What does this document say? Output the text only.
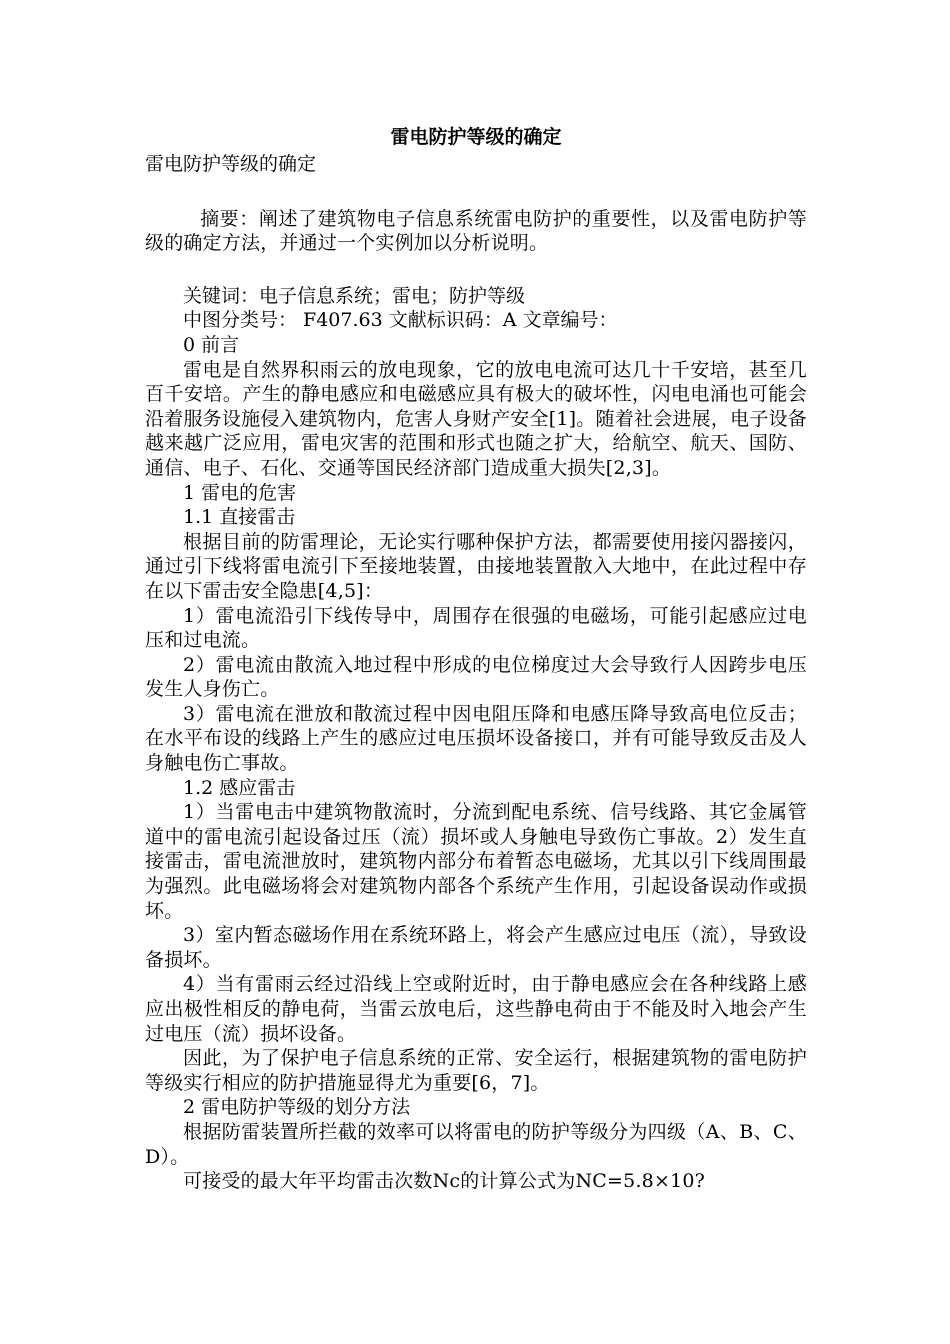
雷电防护等级的确定

雷电防护等级的确定

摘要：阐述了建筑物电子信息系统雷电防护的重要性，以及雷电防护等级的确定方法，并通过一个实例加以分析说明。

关键词：电子信息系统；雷电；防护等级

中图分类号： F407.63 文献标识码：A 文章编号：

0 前言

雷电是自然界积雨云的放电现象，它的放电电流可达几十千安培，甚至几百千安培。产生的静电感应和电磁感应具有极大的破坏性，闪电电涌也可能会沿着服务设施侵入建筑物内，危害人身财产安全[1]。随着社会进展，电子设备越来越广泛应用，雷电灾害的范围和形式也随之扩大，给航空、航天、国防、通信、电子、石化、交通等国民经济部门造成重大损失[2,3]。

1 雷电的危害

1.1 直接雷击

根据目前的防雷理论，无论实行哪种保护方法，都需要使用接闪器接闪，通过引下线将雷电流引下至接地装置，由接地装置散入大地中，在此过程中存在以下雷击安全隐患[4,5]：

1）雷电流沿引下线传导中，周围存在很强的电磁场，可能引起感应过电压和过电流。

2）雷电流由散流入地过程中形成的电位梯度过大会导致行人因跨步电压发生人身伤亡。

3）雷电流在泄放和散流过程中因电阻压降和电感压降导致高电位反击；在水平布设的线路上产生的感应过电压损坏设备接口，并有可能导致反击及人身触电伤亡事故。

1.2 感应雷击

1）当雷电击中建筑物散流时，分流到配电系统、信号线路、其它金属管道中的雷电流引起设备过压（流）损坏或人身触电导致伤亡事故。2）发生直接雷击，雷电流泄放时，建筑物内部分布着暂态电磁场，尤其以引下线周围最为强烈。此电磁场将会对建筑物内部各个系统产生作用，引起设备误动作或损坏。

3）室内暂态磁场作用在系统环路上，将会产生感应过电压（流），导致设备损坏。

4）当有雷雨云经过沿线上空或附近时，由于静电感应会在各种线路上感应出极性相反的静电荷，当雷云放电后，这些静电荷由于不能及时入地会产生过电压（流）损坏设备。

因此，为了保护电子信息系统的正常、安全运行，根据建筑物的雷电防护等级实行相应的防护措施显得尤为重要[6，7]。

2 雷电防护等级的划分方法

根据防雷装置所拦截的效率可以将雷电的防护等级分为四级（A、B、C、D）。

可接受的最大年平均雷击次数Nc的计算公式为NC=5.8×10?
